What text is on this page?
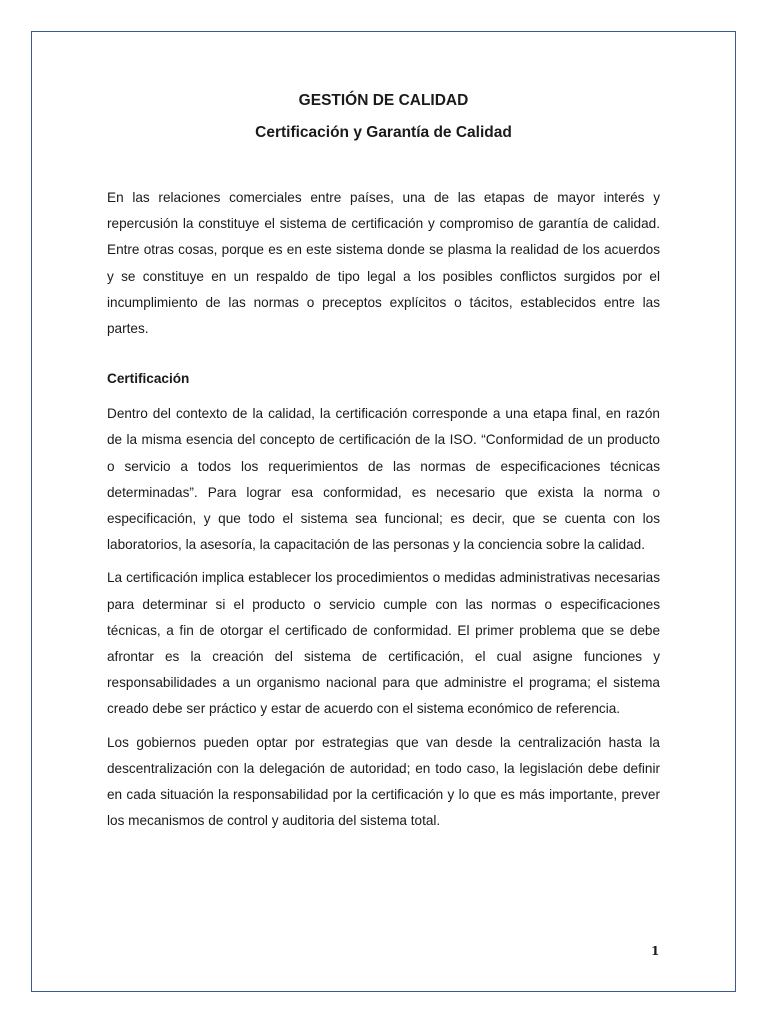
GESTIÓN DE CALIDAD
Certificación y Garantía de Calidad

En las relaciones comerciales entre países, una de las etapas de mayor interés y repercusión la constituye el sistema de certificación y compromiso de garantía de calidad. Entre otras cosas, porque es en este sistema donde se plasma la realidad de los acuerdos y se constituye en un respaldo de tipo legal a los posibles conflictos surgidos por el incumplimiento de las normas o preceptos explícitos o tácitos, establecidos entre las partes.

Certificación

Dentro del contexto de la calidad, la certificación corresponde a una etapa final, en razón de la misma esencia del concepto de certificación de la ISO. “Conformidad de un producto o servicio a todos los requerimientos de las normas de especificaciones técnicas determinadas”. Para lograr esa conformidad, es necesario que exista la norma o especificación, y que todo el sistema sea funcional; es decir, que se cuenta con los laboratorios, la asesoría, la capacitación de las personas y la conciencia sobre la calidad.

La certificación implica establecer los procedimientos o medidas administrativas necesarias para determinar si el producto o servicio cumple con las normas o especificaciones técnicas, a fin de otorgar el certificado de conformidad. El primer problema que se debe afrontar es la creación del sistema de certificación, el cual asigne funciones y responsabilidades a un organismo nacional para que administre el programa; el sistema creado debe ser práctico y estar de acuerdo con el sistema económico de referencia.

Los gobiernos pueden optar por estrategias que van desde la centralización hasta la descentralización con la delegación de autoridad; en todo caso, la legislación debe definir en cada situación la responsabilidad por la certificación y lo que es más importante, prever los mecanismos de control y auditoria del sistema total.

1
